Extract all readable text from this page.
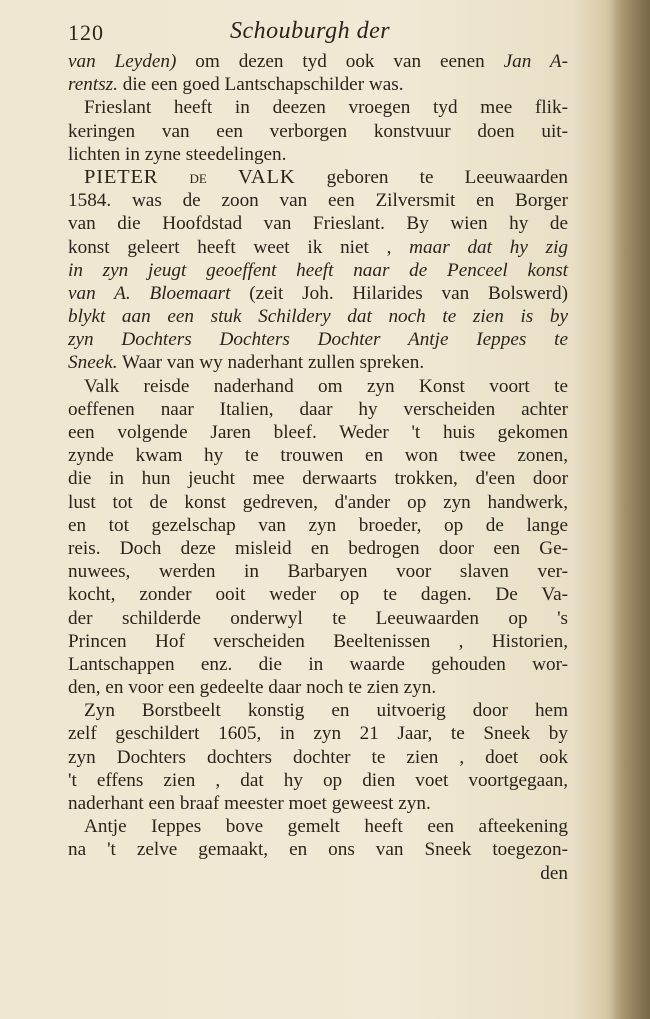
120	Schouburgh der
van Leyden) om dezen tyd ook van eenen Jan A-
rentsz. die een goed Lantschapschilder was.
Frieslant heeft in deezen vroegen tyd mee flik-
keringen van een verborgen konstvuur doen uit-
lichten in zyne steedelingen.
PIETER de VALK geboren te Leeuwaarden
1584. was de zoon van een Zilversmit en Borger
van die Hoofdstad van Frieslant. By wien hy de
konst geleert heeft weet ik niet , maar dat hy zig
in zyn jeugt geoeffent heeft naar de Penceel konst
van A. Bloemaart (zeit Joh. Hilarides van Bolswerd)
blykt aan een stuk Schildery dat noch te zien is by
zyn Dochters Dochters Dochter Antje Ieppes te
Sneek. Waar van wy naderhant zullen spreken.
Valk reisde naderhand om zyn Konst voort te
oeffenen naar Italien, daar hy verscheiden achter
een volgende Jaren bleef. Weder 't huis gekomen
zynde kwam hy te trouwen en won twee zonen,
die in hun jeucht mee derwaarts trokken, d'een door
lust tot de konst gedreven, d'ander op zyn handwerk,
en tot gezelschap van zyn broeder, op de lange
reis. Doch deze misleid en bedrogen door een Ge-
nuwees, werden in Barbaryen voor slaven ver-
kocht, zonder ooit weder op te dagen. De Va-
der schilderde onderwyl te Leeuwaarden op 's
Princen Hof verscheiden Beeltenissen , Historien,
Lantschappen enz. die in waarde gehouden wor-
den, en voor een gedeelte daar noch te zien zyn.
Zyn Borstbeelt konstig en uitvoerig door hem
zelf geschildert 1605, in zyn 21 Jaar, te Sneek by
zyn Dochters dochters dochter te zien , doet ook
't effens zien , dat hy op dien voet voortgegaan,
naderhant een braaf meester moet geweest zyn.
Antje Ieppes bove gemelt heeft een afteekening
na 't zelve gemaakt, en ons van Sneek toegezon-
den
